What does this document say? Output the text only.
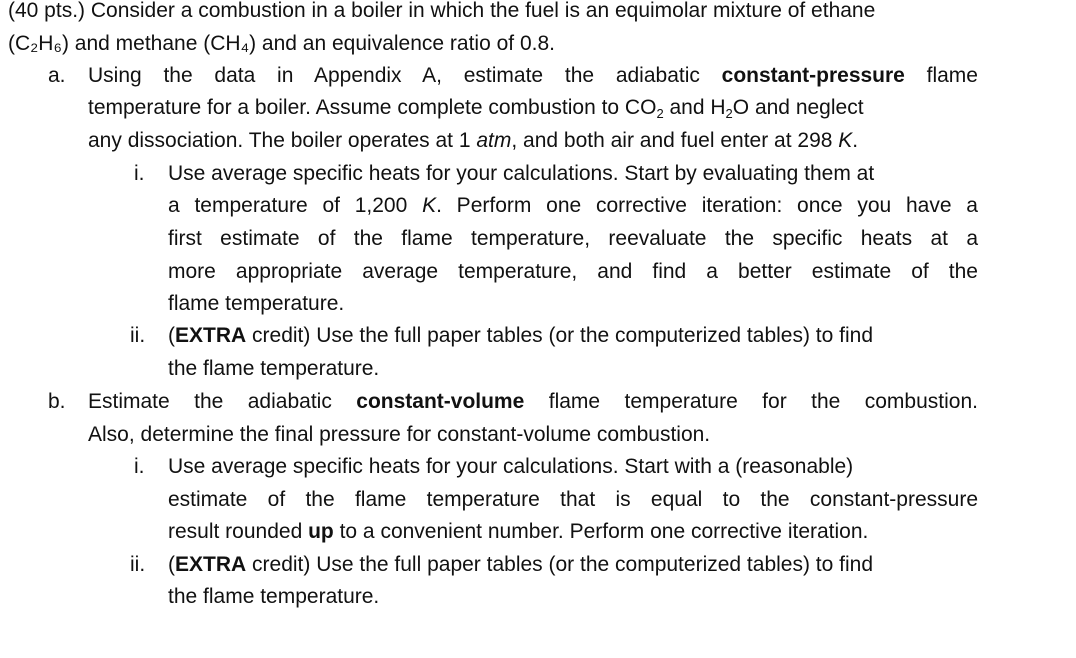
(40 pts.) Consider a combustion in a boiler in which the fuel is an equimolar mixture of ethane
(C₂H₆) and methane (CH₄) and an equivalence ratio of 0.8.
a. Using the data in Appendix A, estimate the adiabatic constant-pressure flame
temperature for a boiler. Assume complete combustion to $CO_2$ and $H_2O$ and neglect
any dissociation. The boiler operates at 1 atm, and both air and fuel enter at 298 K.
i. Use average specific heats for your calculations. Start by evaluating them at
a temperature of 1,200 K. Perform one corrective iteration: once you have a
first estimate of the flame temperature, reevaluate the specific heats at a
more appropriate average temperature, and find a better estimate of the
flame temperature.
ii. (EXTRA credit) Use the full paper tables (or the computerized tables) to find
the flame temperature.
b. Estimate the adiabatic constant-volume flame temperature for the combustion.
Also, determine the final pressure for constant-volume combustion.
i. Use average specific heats for your calculations. Start with a (reasonable)
estimate of the flame temperature that is equal to the constant-pressure
result rounded up to a convenient number. Perform one corrective iteration.
ii. (EXTRA credit) Use the full paper tables (or the computerized tables) to find
the flame temperature.
